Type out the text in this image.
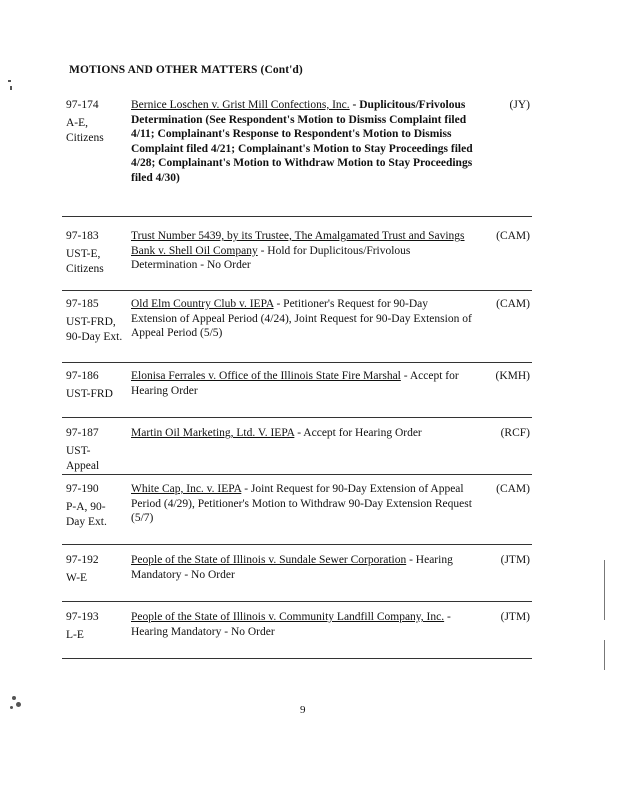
MOTIONS AND OTHER MATTERS (Cont'd)
97-174
A-E, Citizens
Bernice Loschen v. Grist Mill Confections, Inc. - Duplicitous/Frivolous Determination (See Respondent's Motion to Dismiss Complaint filed 4/11; Complainant's Response to Respondent's Motion to Dismiss Complaint filed 4/21; Complainant's Motion to Stay Proceedings filed 4/28; Complainant's Motion to Withdraw Motion to Stay Proceedings filed 4/30)
(JY)
97-183
UST-E, Citizens
Trust Number 5439, by its Trustee, The Amalgamated Trust and Savings Bank v. Shell Oil Company - Hold for Duplicitous/Frivolous Determination - No Order
(CAM)
97-185
UST-FRD, 90-Day Ext.
Old Elm Country Club v. IEPA - Petitioner's Request for 90-Day Extension of Appeal Period (4/24), Joint Request for 90-Day Extension of Appeal Period (5/5)
(CAM)
97-186
UST-FRD
Elonisa Ferrales v. Office of the Illinois State Fire Marshal - Accept for Hearing Order
(KMH)
97-187
UST-Appeal
Martin Oil Marketing, Ltd. V. IEPA - Accept for Hearing Order	(RCF)
97-190
P-A, 90-Day Ext.
White Cap, Inc. v. IEPA - Joint Request for 90-Day Extension of Appeal Period (4/29), Petitioner's Motion to Withdraw 90-Day Extension Request (5/7)
(CAM)
97-192
W-E
People of the State of Illinois v. Sundale Sewer Corporation - Hearing Mandatory - No Order
(JTM)
97-193
L-E
People of the State of Illinois v. Community Landfill Company, Inc. - Hearing Mandatory - No Order
(JTM)
9
